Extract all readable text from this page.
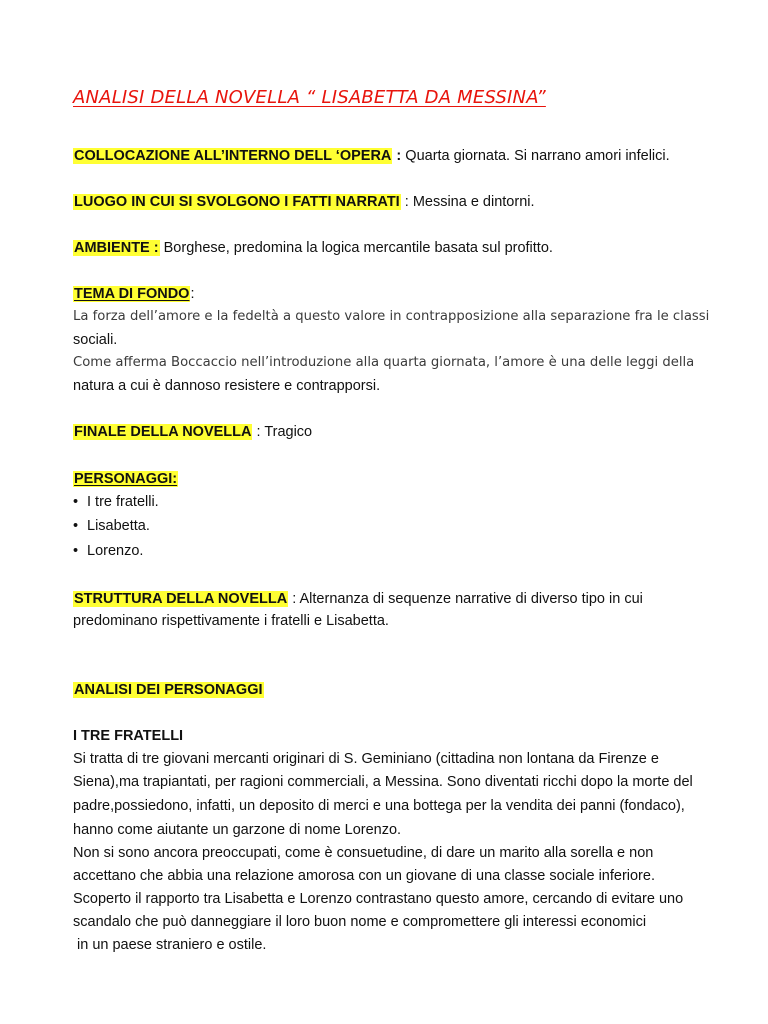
ANALISI DELLA NOVELLA “ LISABETTA DA MESSINA”
COLLOCAZIONE ALL’INTERNO DELL ‘OPERA : Quarta giornata. Si narrano amori infelici.
LUOGO IN CUI SI SVOLGONO I FATTI NARRATI : Messina e dintorni.
AMBIENTE : Borghese, predomina la logica mercantile basata sul profitto.
TEMA DI FONDO:
La forza dell’amore e la fedeltà a questo valore in contrapposizione alla separazione fra le classi
sociali.
Come afferma Boccaccio nell’introduzione alla quarta giornata, l’amore è una delle leggi della
natura a cui è dannoso resistere e contrapporsi.
FINALE DELLA NOVELLA : Tragico
PERSONAGGI:
• I tre fratelli.
• Lisabetta.
• Lorenzo.
STRUTTURA DELLA NOVELLA : Alternanza di sequenze narrative di diverso tipo in cui
predominano rispettivamente i fratelli e Lisabetta.
ANALISI DEI PERSONAGGI
I TRE FRATELLI
Si tratta di tre giovani mercanti originari di S. Geminiano (cittadina non lontana da Firenze e
Siena),ma trapiantati, per ragioni commerciali, a Messina. Sono diventati ricchi dopo la morte del
padre,possiedono, infatti, un deposito di merci e una bottega per la vendita dei panni (fondaco),
hanno come aiutante un garzone di nome Lorenzo.
Non si sono ancora preoccupati, come è consuetudine, di dare un marito alla sorella e non
accettano che abbia una relazione amorosa con un giovane di una classe sociale inferiore.
Scoperto il rapporto tra Lisabetta e Lorenzo contrastano questo amore, cercando di evitare uno
scandalo che può danneggiare il loro buon nome e compromettere gli interessi economici
in un paese straniero e ostile.
